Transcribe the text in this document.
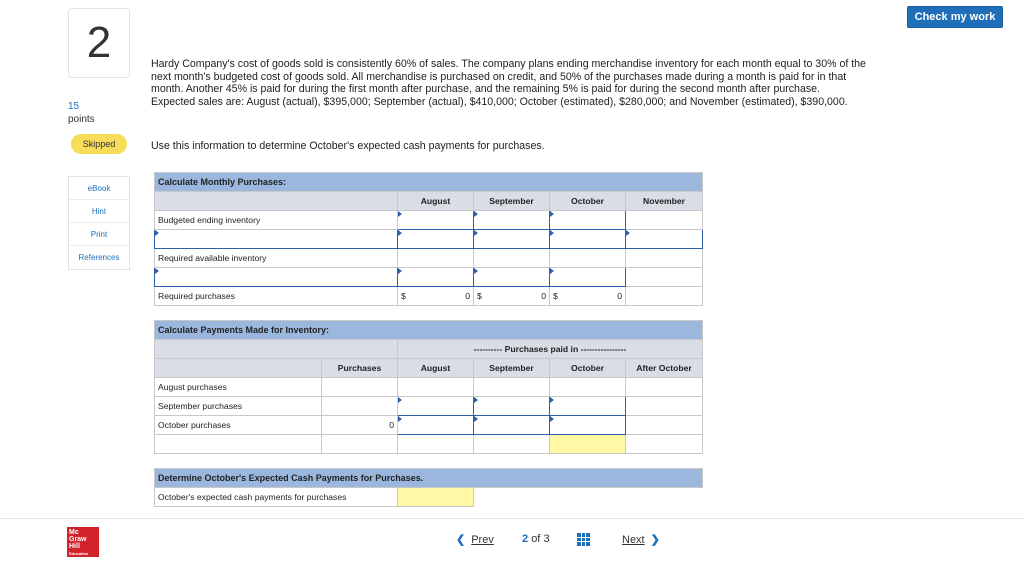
Check my work
2
15
points
Skipped
eBook
Hint
Print
References
Hardy Company's cost of goods sold is consistently 60% of sales. The company plans ending merchandise inventory for each month equal to 30% of the next month's budgeted cost of goods sold. All merchandise is purchased on credit, and 50% of the purchases made during a month is paid for in that month. Another 45% is paid for during the first month after purchase, and the remaining 5% is paid for during the second month after purchase. Expected sales are: August (actual), $395,000; September (actual), $410,000; October (estimated), $280,000; and November (estimated), $390,000.
Use this information to determine October's expected cash payments for purchases.
Calculate Monthly Purchases:				
	August	September	October	November
Budgeted ending inventory				

Required available inventory				

Required purchases	$ 0	$ 0	$ 0	

Calculate Payments Made for Inventory:					
		---------- Purchases paid in ----------------			
	Purchases	August	September	October	After October
August purchases					
September purchases					
October purchases	0				

Determine October's Expected Cash Payments for Purchases.
October's expected cash payments for purchases		
Mc
Graw
Hill
Education
❮ Prev	2 of 3	Next ❯
